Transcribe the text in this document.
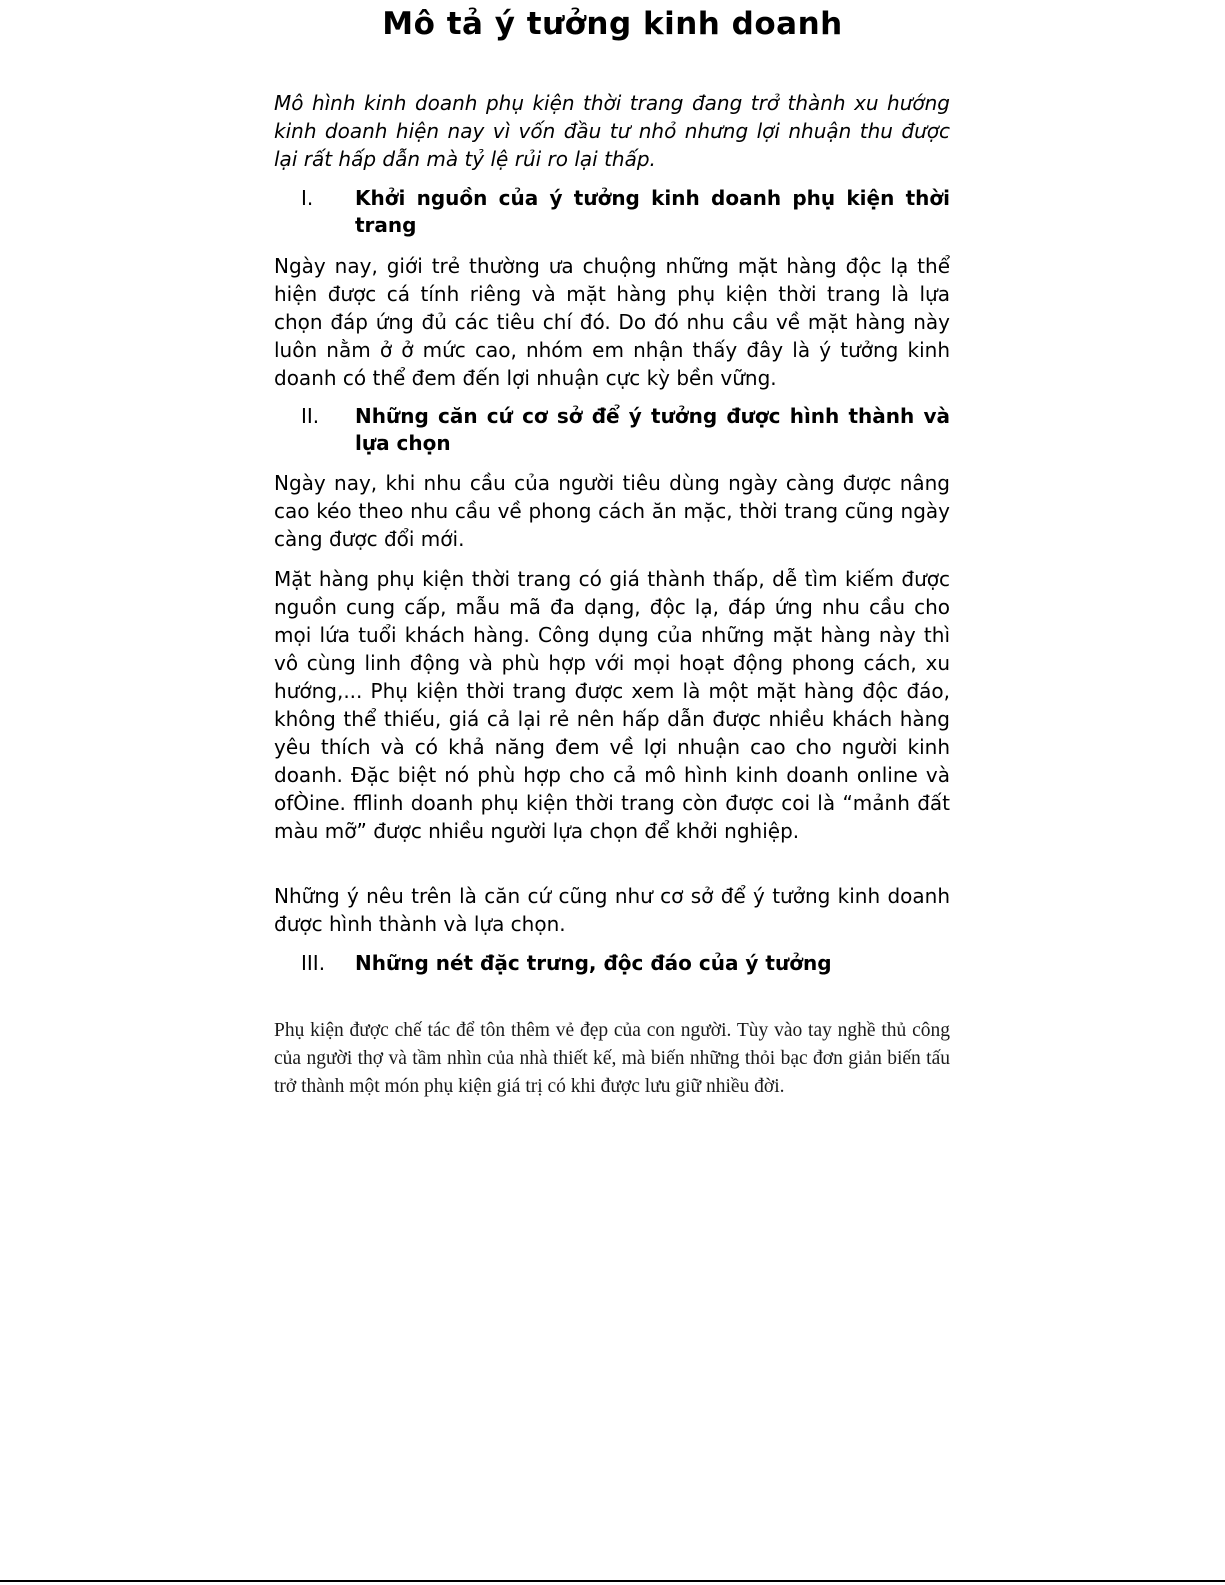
Mô tả ý tưởng kinh doanh

Mô hình kinh doanh phụ kiện thời trang đang trở thành xu hướng kinh doanh hiện nay vì vốn đầu tư nhỏ nhưng lợi nhuận thu được lại rất hấp dẫn mà tỷ lệ rủi ro lại thấp.

I. Khởi nguồn của ý tưởng kinh doanh phụ kiện thời trang

Ngày nay, giới trẻ thường ưa chuộng những mặt hàng độc lạ thể hiện được cá tính riêng và mặt hàng phụ kiện thời trang là lựa chọn đáp ứng đủ các tiêu chí đó. Do đó nhu cầu về mặt hàng này luôn nằm ở ở mức cao, nhóm em nhận thấy đây là ý tưởng kinh doanh có thể đem đến lợi nhuận cực kỳ bền vững.

II. Những căn cứ cơ sở để ý tưởng được hình thành và lựa chọn

Ngày nay, khi nhu cầu của người tiêu dùng ngày càng được nâng cao kéo theo nhu cầu về phong cách ăn mặc, thời trang cũng ngày càng được đổi mới.

Mặt hàng phụ kiện thời trang có giá thành thấp, dễ tìm kiếm được nguồn cung cấp, mẫu mã đa dạng, độc lạ, đáp ứng nhu cầu cho mọi lứa tuổi khách hàng. Công dụng của những mặt hàng này thì vô cùng linh động và phù hợp với mọi hoạt động phong cách, xu hướng,... Phụ kiện thời trang được xem là một mặt hàng độc đáo, không thể thiếu, giá cả lại rẻ nên hấp dẫn được nhiều khách hàng yêu thích và có khả năng đem về lợi nhuận cao cho người kinh doanh. Đặc biệt nó phù hợp cho cả mô hình kinh doanh online và ofÒine. fflinh doanh phụ kiện thời trang còn được coi là “mảnh đất màu mỡ” được nhiều người lựa chọn để khởi nghiệp.

Những ý nêu trên là căn cứ cũng như cơ sở để ý tưởng kinh doanh được hình thành và lựa chọn.

III. Những nét đặc trưng, độc đáo của ý tưởng

Phụ kiện được chế tác để tôn thêm vẻ đẹp của con người. Tùy vào tay nghề thủ công của người thợ và tầm nhìn của nhà thiết kế, mà biến những thỏi bạc đơn giản biến tấu trở thành một món phụ kiện giá trị có khi được lưu giữ nhiều đời.
